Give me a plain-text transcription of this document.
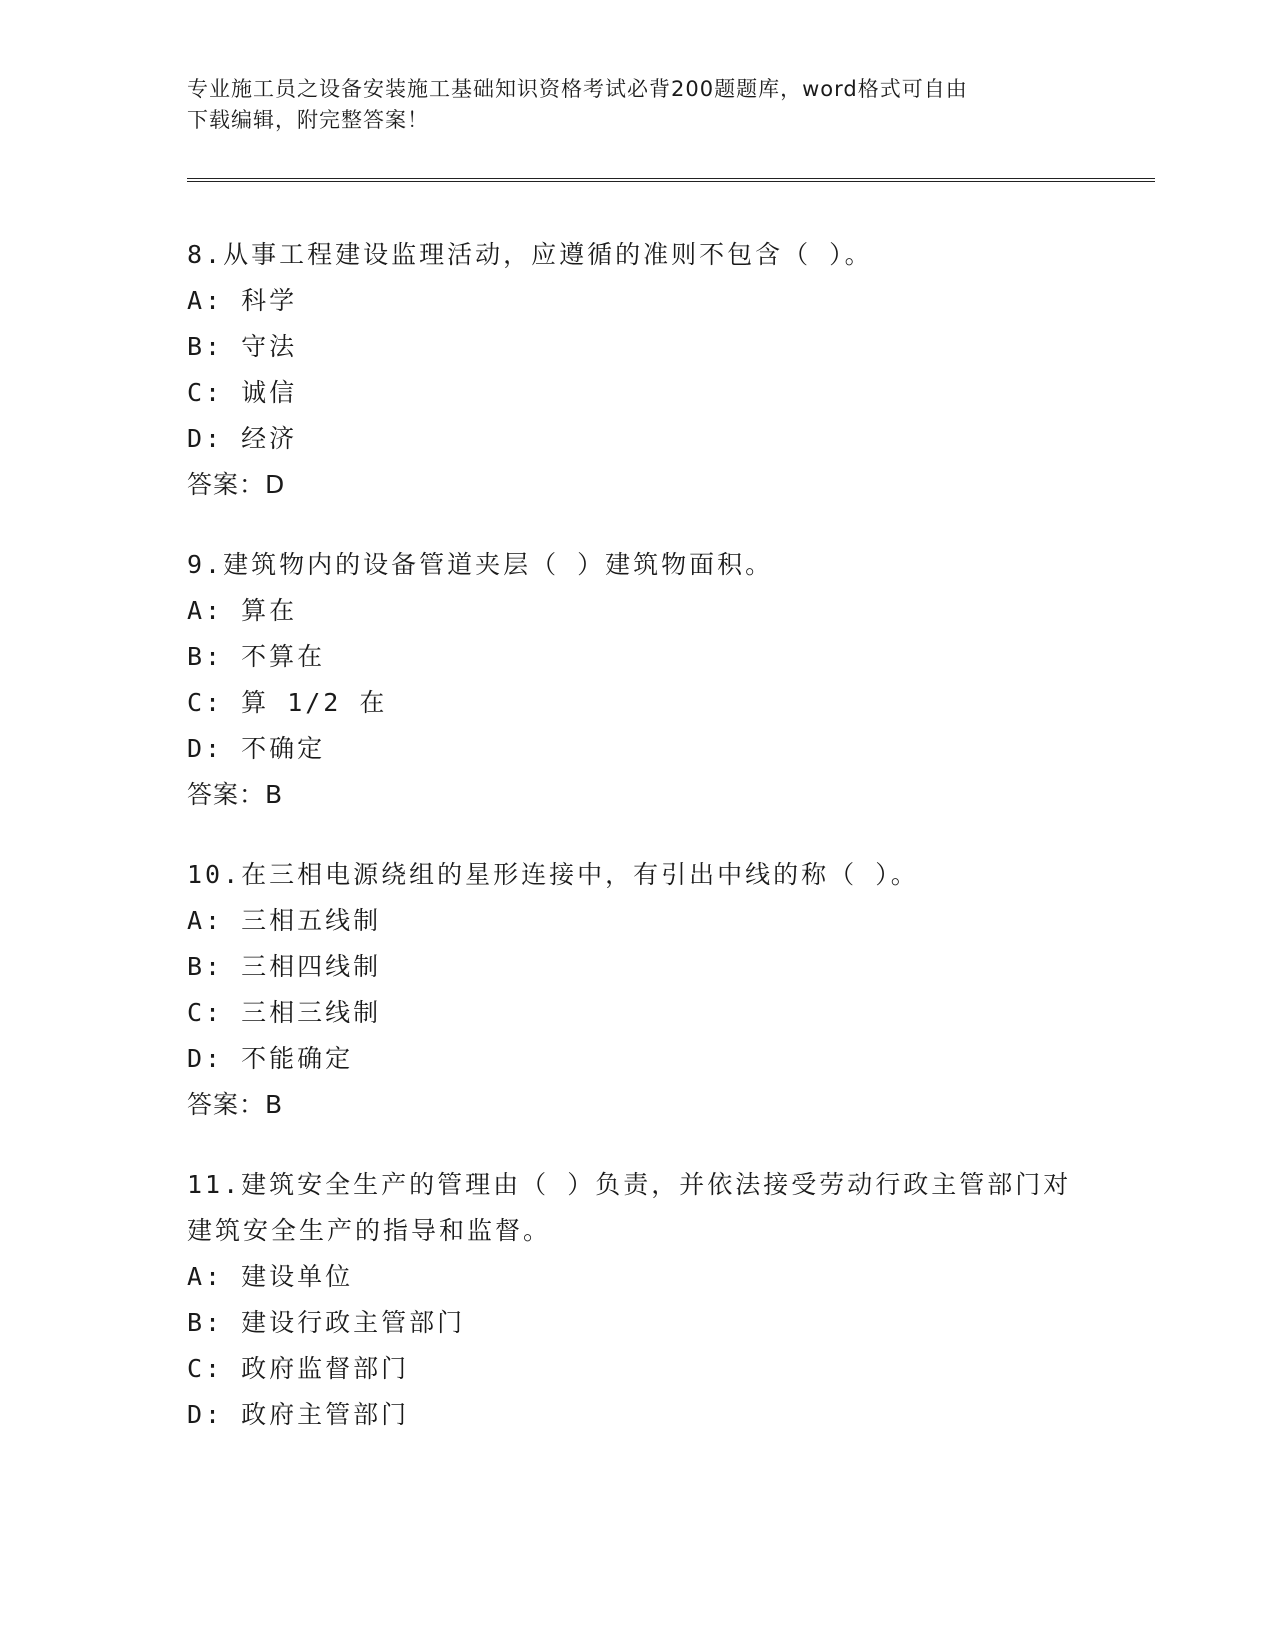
专业施工员之设备安装施工基础知识资格考试必背200题题库，word格式可自由
下载编辑，附完整答案！
8.从事工程建设监理活动，应遵循的准则不包含（ ）。
A: 科学
B: 守法
C: 诚信
D: 经济
答案：D
9.建筑物内的设备管道夹层（ ）建筑物面积。
A: 算在
B: 不算在
C: 算 1/2 在
D: 不确定
答案：B
10.在三相电源绕组的星形连接中，有引出中线的称（ ）。
A: 三相五线制
B: 三相四线制
C: 三相三线制
D: 不能确定
答案：B
11.建筑安全生产的管理由（ ）负责，并依法接受劳动行政主管部门对建筑安全生产的指导和监督。
A: 建设单位
B: 建设行政主管部门
C: 政府监督部门
D: 政府主管部门
